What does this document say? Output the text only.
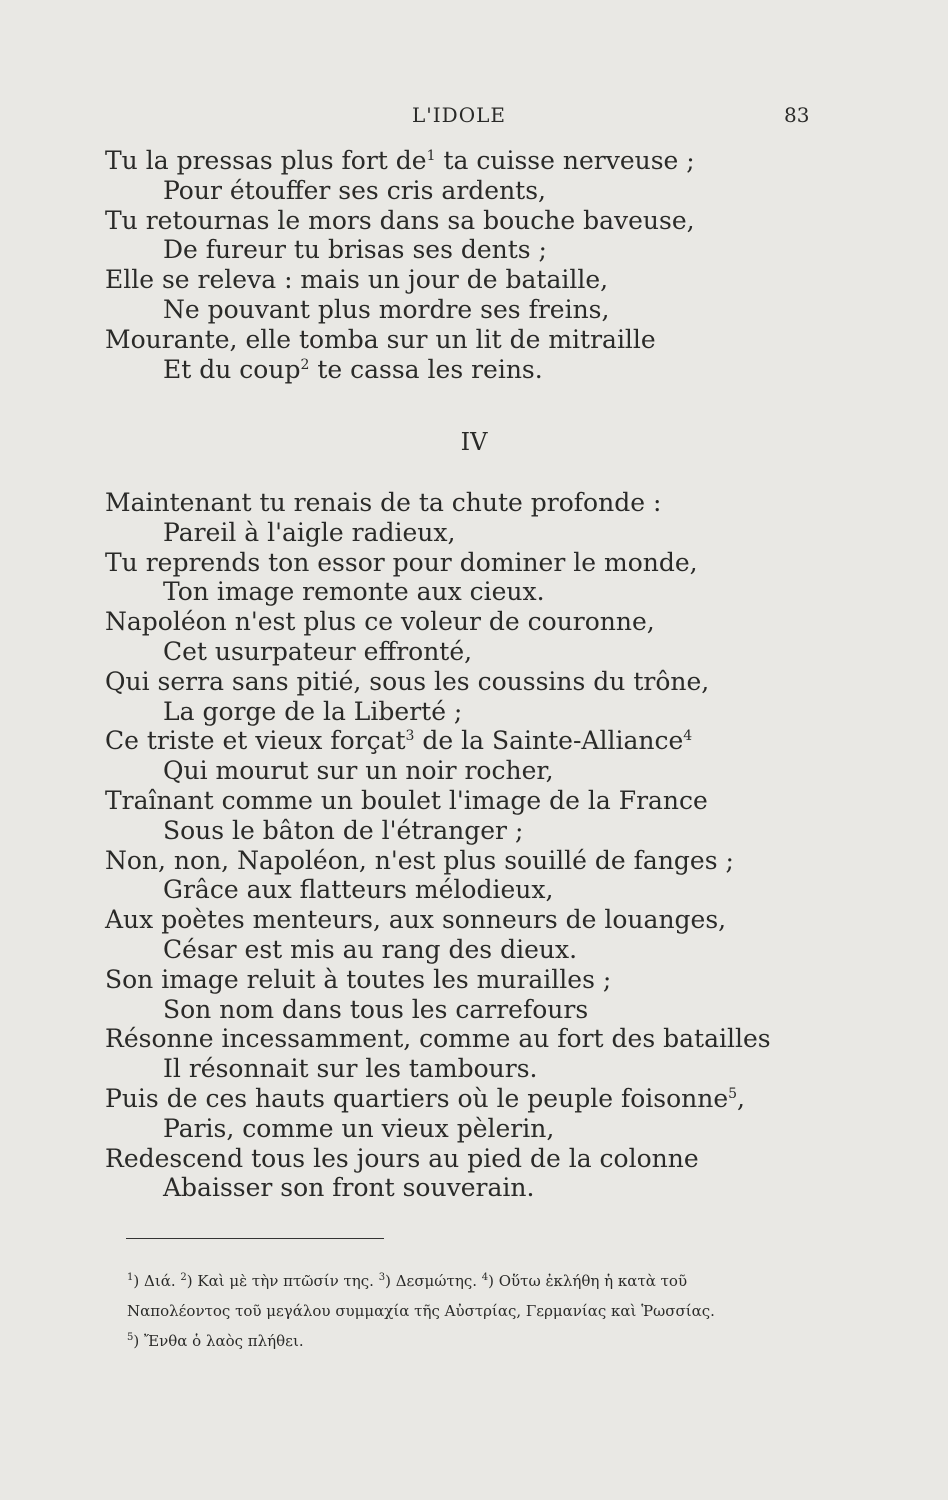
L'IDOLE	83
Tu la pressas plus fort $de^1$ ta cuisse nerveuse ;
Pour étouffer ses cris ardents,
Tu retournas le mors dans sa bouche baveuse,
De fureur tu brisas ses dents ;
Elle se releva : mais un jour de bataille,
Ne pouvant plus mordre ses freins,
Mourante, elle tomba sur un lit de mitraille
Et du coup$^2$ te cassa les reins.
IV
Maintenant tu renais de ta chute profonde :
Pareil à l'aigle radieux,
Tu reprends ton essor pour dominer le monde,
Ton image remonte aux cieux.
Napoléon n'est plus ce voleur de couronne,
Cet usurpateur effronté,
Qui serra sans pitié, sous les coussins du trône,
La gorge de la Liberté ;
Ce triste et vieux forçat$^3$ de la Sainte-Alliance$^4$
Qui mourut sur un noir rocher,
Traînant comme un boulet l'image de la France
Sous le bâton de l'étranger ;
Non, non, Napoléon, n'est plus souillé de fanges ;
Grâce aux flatteurs mélodieux,
Aux poètes menteurs, aux sonneurs de louanges,
César est mis au rang des dieux.
Son image reluit à toutes les murailles ;
Son nom dans tous les carrefours
Résonne incessamment, comme au fort des batailles
Il résonnait sur les tambours.
Puis de ces hauts quartiers où le peuple foisonne$^5$,
Paris, comme un vieux pèlerin,
Redescend tous les jours au pied de la colonne
Abaisser son front souverain.
$^1$) Διά. $^2$) Καὶ μὲ τὴν πτῶσίν της. $^3$) Δεσμώτης. $^4$) Οὕτω ἐκλήθη ἡ κατὰ τοῦ
Ναπολέοντος τοῦ μεγάλου συμμαχία τῆς Αὐστρίας, Γερμανίας καὶ Ῥωσσίας.
$^5$) Ἔνθα ὁ λαὸς πλήθει.
